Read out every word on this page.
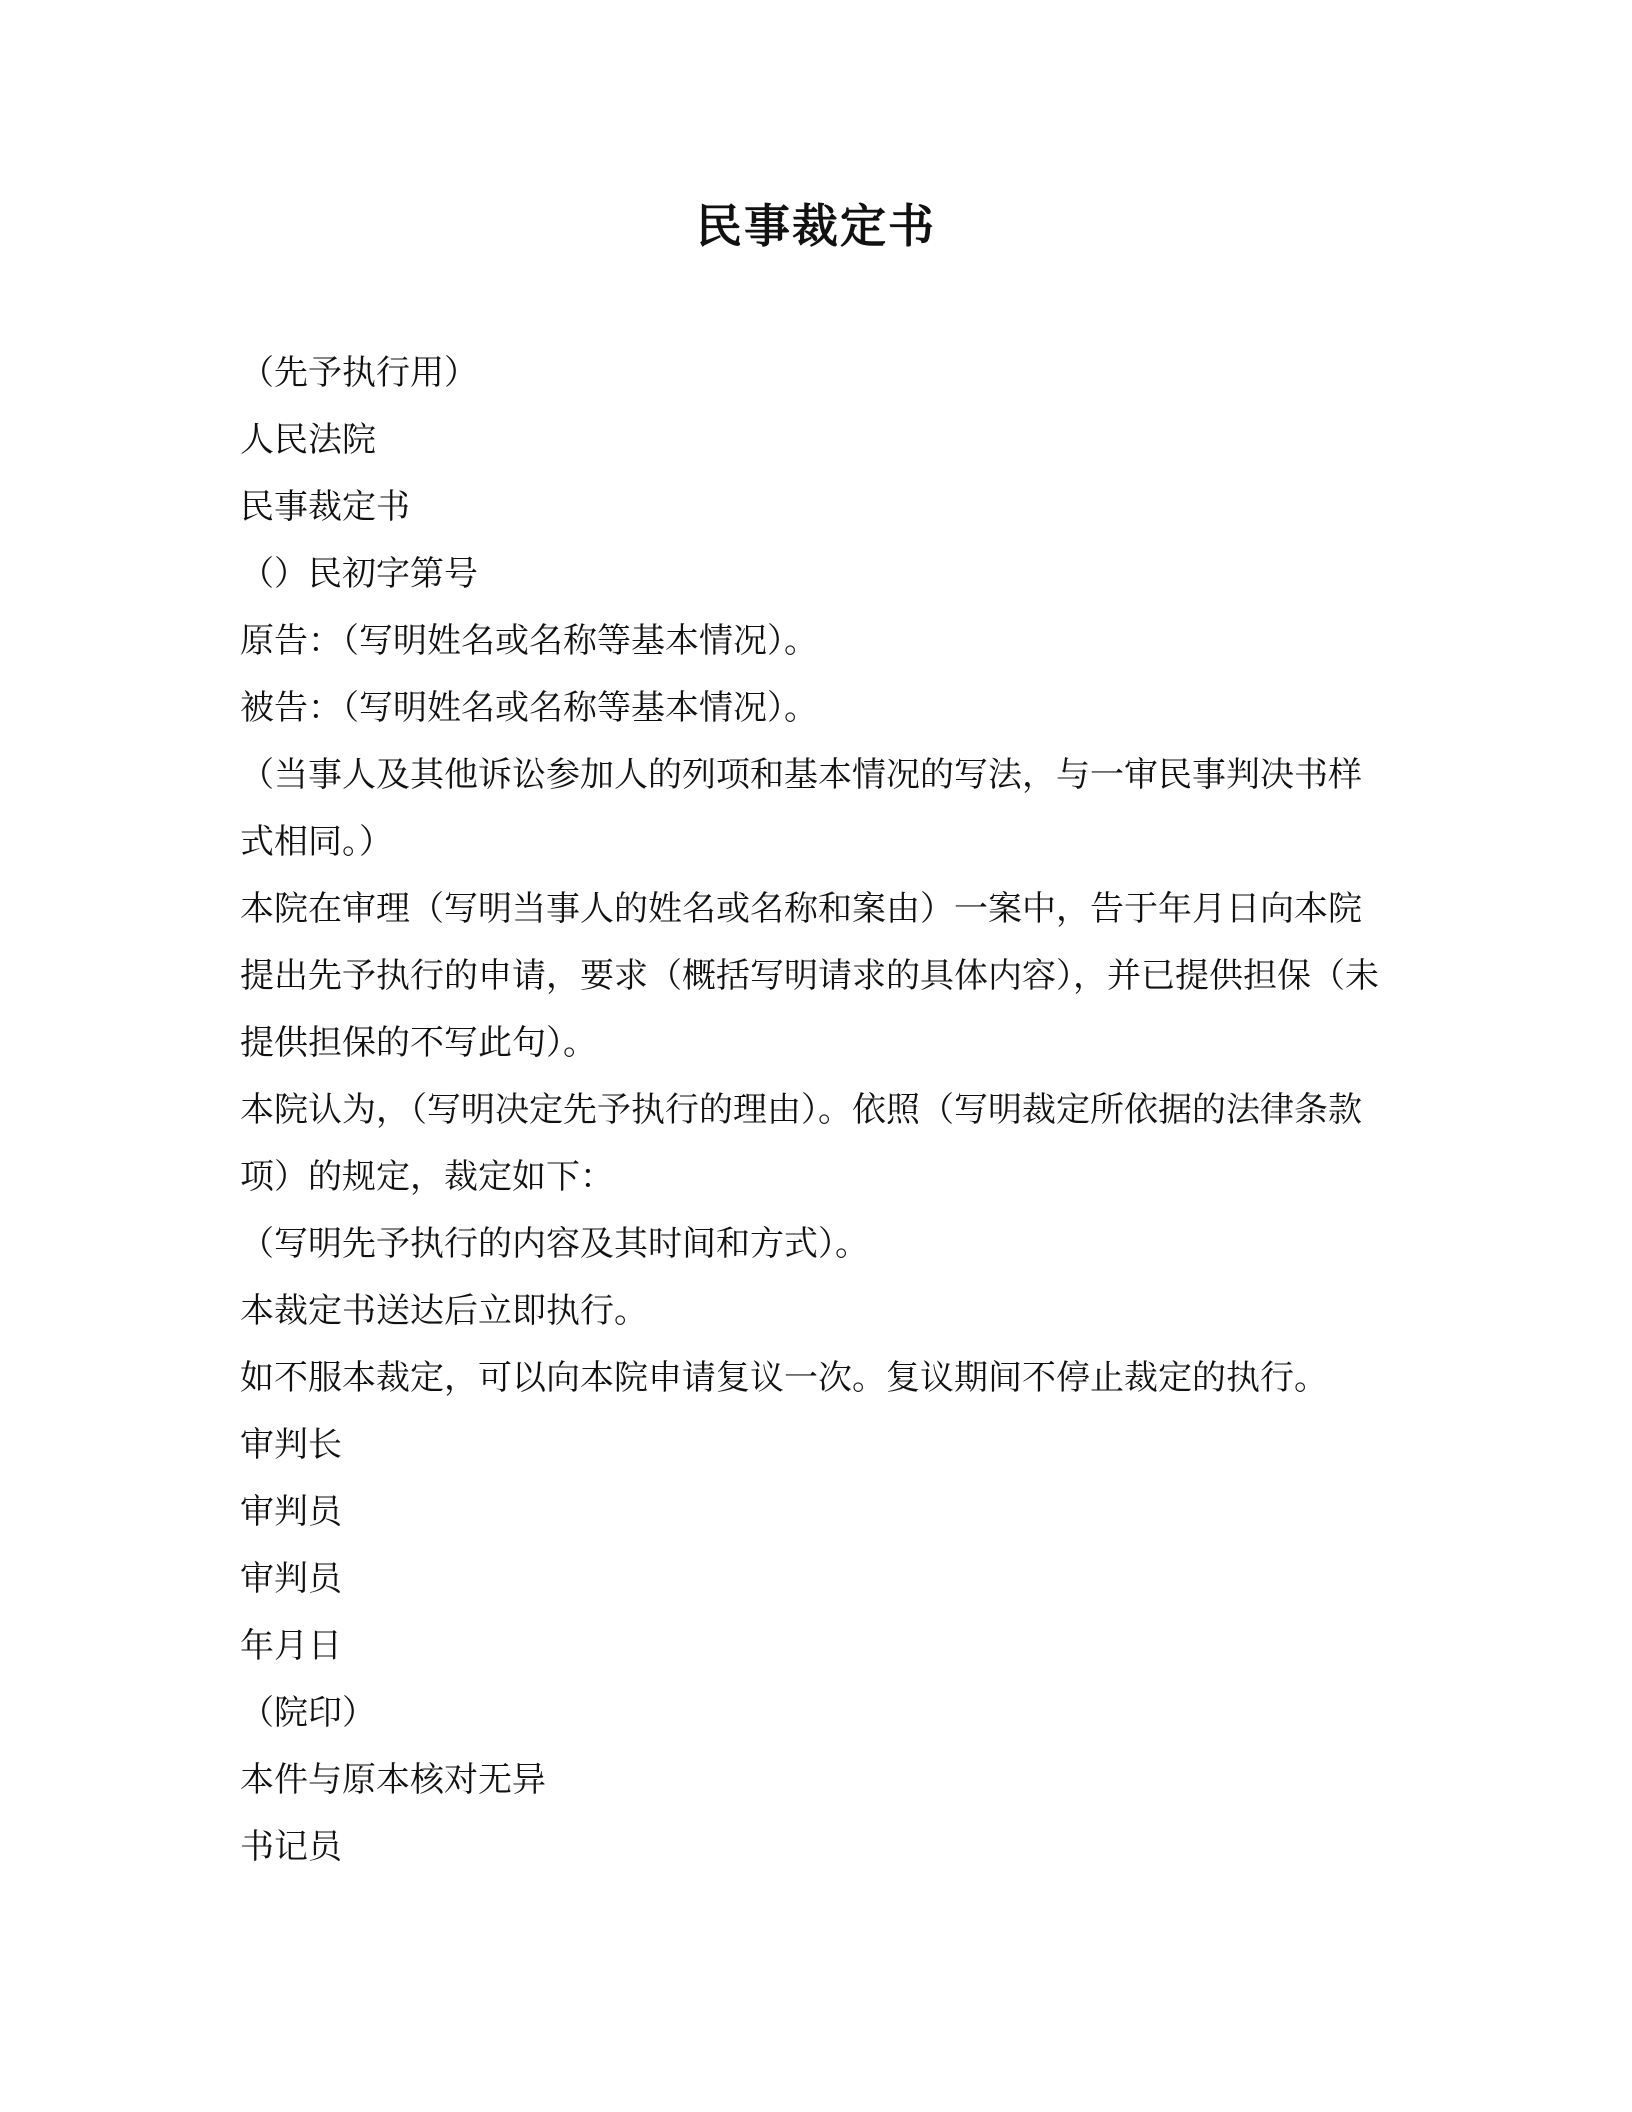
民事裁定书

（先予执行用）

人民法院

民事裁定书

（）民初字第号

原告：（写明姓名或名称等基本情况）。

被告：（写明姓名或名称等基本情况）。

（当事人及其他诉讼参加人的列项和基本情况的写法，与一审民事判决书样式相同。）

本院在审理（写明当事人的姓名或名称和案由）一案中，告于年月日向本院提出先予执行的申请，要求（概括写明请求的具体内容），并已提供担保（未提供担保的不写此句）。

本院认为，（写明决定先予执行的理由）。依照（写明裁定所依据的法律条款项）的规定，裁定如下：

（写明先予执行的内容及其时间和方式）。

本裁定书送达后立即执行。

如不服本裁定，可以向本院申请复议一次。复议期间不停止裁定的执行。

审判长

审判员

审判员

年月日

（院印）

本件与原本核对无异

书记员
